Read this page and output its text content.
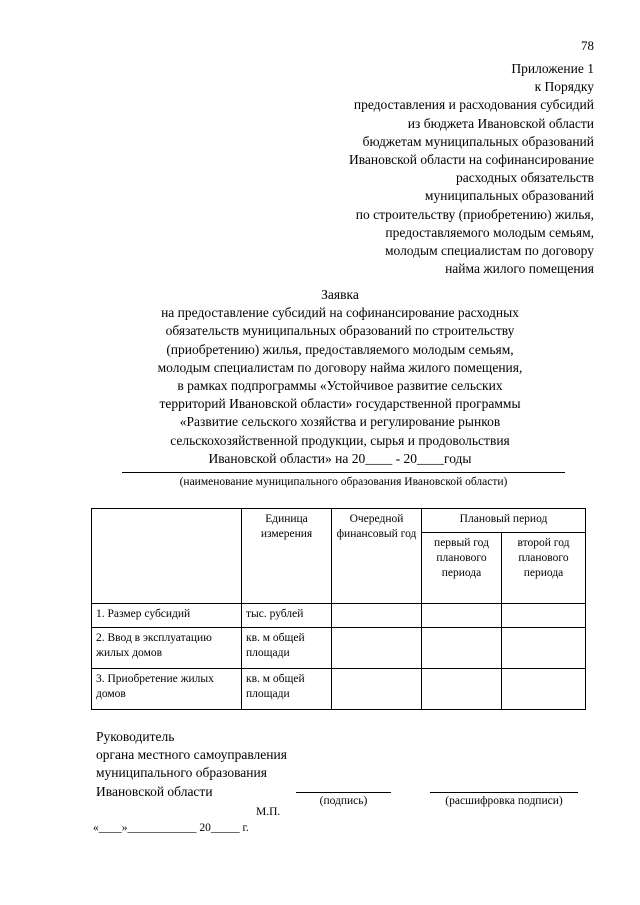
78
Приложение 1
к Порядку
предоставления и расходования субсидий
из бюджета Ивановской области
бюджетам муниципальных образований
Ивановской области на софинансирование
расходных обязательств
муниципальных образований
по строительству (приобретению) жилья,
предоставляемого молодым семьям,
молодым специалистам по договору
найма жилого помещения
Заявка
на предоставление субсидий на софинансирование расходных
обязательств муниципальных образований по строительству
(приобретению) жилья, предоставляемого молодым семьям,
молодым специалистам по договору найма жилого помещения,
в рамках подпрограммы «Устойчивое развитие сельских
территорий Ивановской области» государственной программы
«Развитие сельского хозяйства и регулирование рынков
сельскохозяйственной продукции, сырья и продовольствия
Ивановской области» на 20____ - 20____годы
(наименование муниципального образования Ивановской области)
	Единица измерения	Очередной финансовый год	Плановый период	
			первый год планового периода	второй год планового периода
1. Размер субсидий	тыс. рублей			
2. Ввод в эксплуатацию жилых домов	кв. м общей площади			
3. Приобретение жилых домов	кв. м общей площади			
Руководитель
органа местного самоуправления
муниципального образования
Ивановской области
(подпись)	(расшифровка подписи)
М.П.
«____»____________ 20_____ г.
